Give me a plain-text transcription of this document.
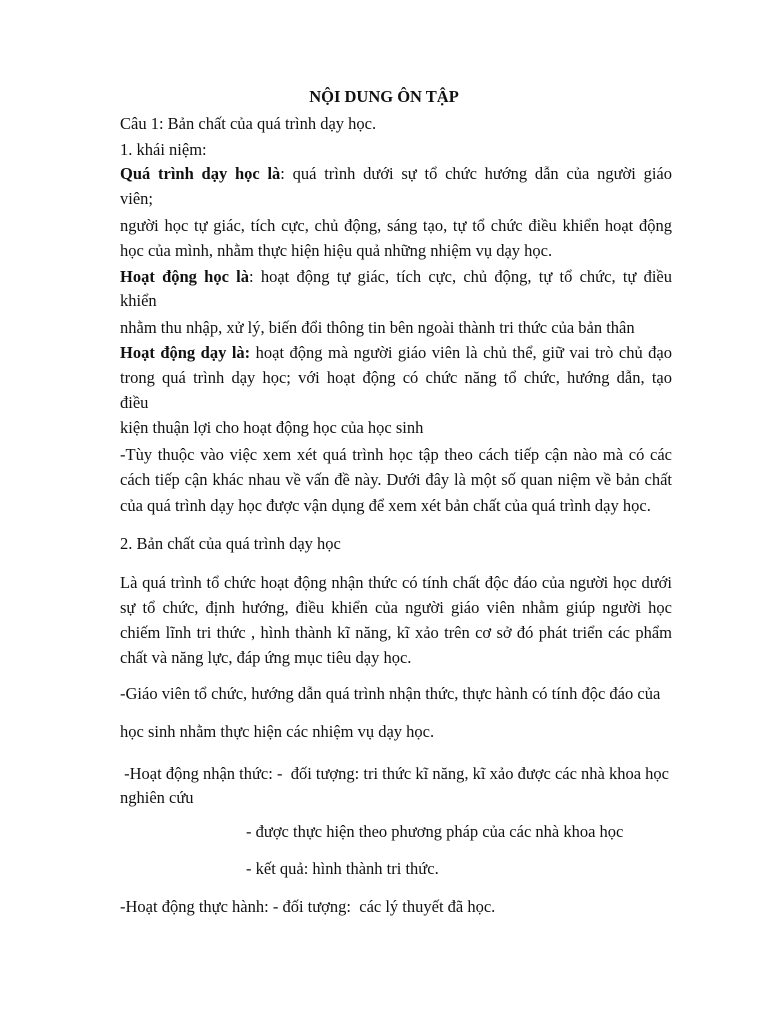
NỘI DUNG ÔN TẬP
Câu 1: Bản chất của quá trình dạy học.
1. khái niệm:
Quá trình dạy học là: quá trình dưới sự tổ chức hướng dẫn của người giáo
viên;
người học tự giác, tích cực, chủ động, sáng tạo, tự tổ chức điều khiển hoạt động
học của mình, nhằm thực hiện hiệu quả những nhiệm vụ dạy học.
Hoạt động học là: hoạt động tự giác, tích cực, chủ động, tự tổ chức, tự điều
khiển
nhằm thu nhập, xử lý, biến đổi thông tin bên ngoài thành tri thức của bản thân
Hoạt động dạy là: hoạt động mà người giáo viên là chủ thể, giữ vai trò chủ đạo
trong quá trình dạy học; với hoạt động có chức năng tổ chức, hướng dẫn, tạo
điều
kiện thuận lợi cho hoạt động học của học sinh
-Tùy thuộc vào việc xem xét quá trình học tập theo cách tiếp cận nào mà có các
cách tiếp cận khác nhau về vấn đề này. Dưới đây là một số quan niệm về bản chất
của quá trình dạy học được vận dụng để xem xét bản chất của quá trình dạy học.
2. Bản chất của quá trình dạy học
Là quá trình tổ chức hoạt động nhận thức có tính chất độc đáo của người học dưới
sự tổ chức, định hướng, điều khiển của người giáo viên nhằm giúp người học
chiếm lĩnh tri thức , hình thành kĩ năng, kĩ xảo trên cơ sở đó phát triển các phẩm
chất và năng lực, đáp ứng mục tiêu dạy học.
-Giáo viên tổ chức, hướng dẫn quá trình nhận thức, thực hành có tính độc đáo của
học sinh nhằm thực hiện các nhiệm vụ dạy học.
-Hoạt động nhận thức: -  đối tượng: tri thức kĩ năng, kĩ xảo được các nhà khoa học
nghiên cứu
- được thực hiện theo phương pháp của các nhà khoa học
- kết quả: hình thành tri thức.
-Hoạt động thực hành: - đối tượng:  các lý thuyết đã học.
